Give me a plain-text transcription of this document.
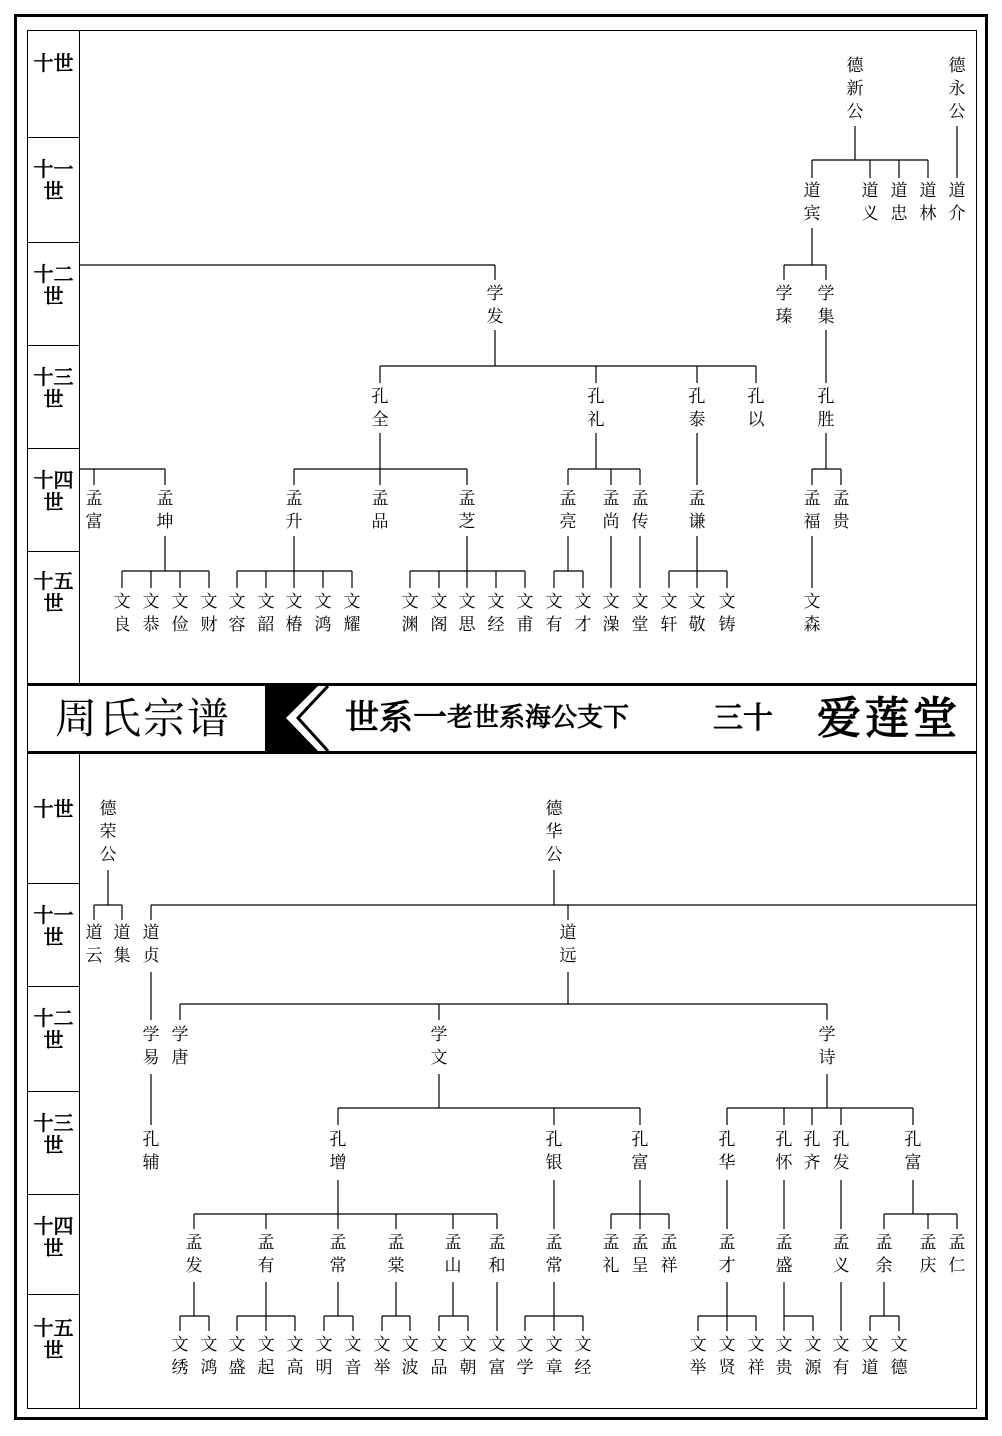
十世
十一世
十二世
十三世
十四世
十五世
周氏宗谱	世系一 老世系海公支下	三十 爱莲堂
十世
十一世
十二世
十三世
十四世
十五世
德新公
德永公
道宾
道义
道忠
道林
道介
学发
学瑧
学集
孔全
孔礼
孔泰
孔以
孔胜
孟富
孟坤
孟升
孟品
孟芝
孟亮
孟尚
孟传
孟谦
孟福
孟贵
文良
文恭
文俭
文财
文容
文韶
文椿
文鸿
文耀
文渊
文阁
文思
文经
文甫
文有
文才
文澡
文堂
文轩
文敬
文铸
文森
德荣公
德华公
道云
道集
道贞
道远
学易
学唐
学文
学诗
孔辅
孔增
孔银
孔富
孔华
孔怀
孔齐
孔发
孔富
孟发
孟有
孟常
孟棠
孟山
孟和
孟常
孟礼
孟呈
孟祥
孟才
孟盛
孟义
孟余
孟庆
孟仁
文绣
文鸿
文盛
文起
文高
文明
文音
文举
文波
文品
文朝
文富
文学
文章
文经
文举
文贤
文祥
文贵
文源
文有
文道
文德
